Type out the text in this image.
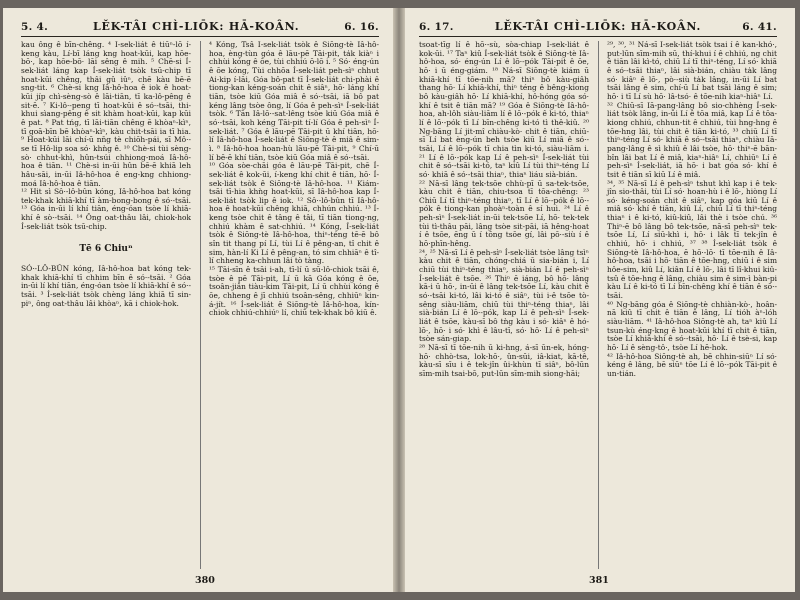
5. 4.	LĚK-TÂI CHÌ-LIŌK: HĀ-KOÂN.	6. 16.

kau ông ê bīn-chêng. ⁴ Í-sek-liát ê tiūⁿ-lō í-keng kàu, Lí-bī láng kng hoat-kūi, kap hōe-bō·, kap hōe-bō· lāi sêng ê mih. ⁵ Chē-si Í-sek-liát láng kap Í-sek-liát tsòk tsū-chip tī hoat-kūi chêng, thâi gû iûⁿ, chē kàu bē-ē sng-tit. ⁶ Chè-si kng Iâ-hô-hoa ê iok ê hoat-kūi jíp chì-sèng-sò ê lāi-tiān, tī ka-lô-pêng ê sit-ē. ⁷ Ki-lô·-peng tī hoat-kūi ê só·-tsāi, thi-khui sìang-pêng ê sit khàm hoat-kūi, kap kūi ê pat. ⁸ Pat tńg, tī lāi-tiān chêng ē khòaⁿ-kìⁿ, tī goā-bīn bē khòaⁿ-kìⁿ, kàu chit-tsāi ia tī hia. ⁹ Hoat-kūi lāi chí-ū nn̄g tè chiōh-pái, sī Mô·-se tī Hô-lip soa só· khǹg ê. ¹⁰ Chè-si tùi sèng-sò· chhut-khì, hûn-tsúi chhiong-moá Iâ-hô-hoa ê tiān. ¹¹ Chè-si in-ūi hûn bē-ē khiā leh hâu-sāi, in-ūi Iâ-hô-hoa ê eng-kng chhiong-moá Iâ-hô-hoa ê tiān.

¹² Hit sì Sô·-lô-bûn kóng, Iâ-hô-hoa bat kóng tek-khak khiā-khí tī àm-bong-bong ê só·-tsāi. ¹³ Góa in-ūi lí khí tiān, éng-óan tsòe lí khiā-khí ê sò·-tsāi. ¹⁴ Ông oat-thâu lâi, chiok-hok Í-sek-liát tsòk tsū-chip.

Tē 6 Chiuⁿ

SÓ·-LÔ-BÛN kóng, Iâ-hô-hoa bat kóng tek-khak khiā-khí tī chhim bīn ê só·-tsāi. ² Góa in-ūi lí khí tiān, éng-óan tsòe lí khiā-khí ê só·-tsāi. ³ Í-sek-liát tsòk chèng láng khiā tī sin-piⁿ, ông oat-thâu lâi khòaⁿ, kā i chiok-hok.

⁴ Kóng, Tsâ Í-sek-liát tsòk ê Siōng-tè Iâ-hô-hoa, èng-tùn góa ê lāu-pē Tāi-pit, ta̍k kiàⁿ i chhùi kóng ê ōe, tùi chhiú ō-lō i. ⁵ Só· éng-ún ê ōe kóng, Tùi chhōa Í-sek-liát peh-sìⁿ chhut Ai-kip í-lāi, Góa bô-pat tī Í-sek-liát chi-phài ê tiong-kan kéng-soán chit ê siâⁿ, hō· láng khí tiān, tsòe kiū Góa miâ ê só·-tsāi, iā bô pat kéng lâng tsòe ông, lí Góa ê peh-sìⁿ Í-sek-liát tsòk. ⁶ Tān Iâ-lō·-sat-lêng tsòe kiū Góa miâ ê só·-tsāi, koh kéng Tāi-pit tí-lí Góa ê peh-sìⁿ Í-sek-liát. ⁷ Góa ê lāu-pē Tāi-pit ū khí tiān, hō· lí Iâ-hô-hoa Í-sek-liát ê Siōng-tè ê miâ ê sim-ì. ⁸ Iâ-hô-hoa hoan-hù lāu-pē Tāi-pit, ⁹ Chí-ū lí bē-ē khí tiān, tsòe kiū Góa miâ ê só·-tsāi.

¹⁰ Góa sòe-chāi góa ê lāu-pē Tāi-pit, chē Í-sek-liát ê kok-ūi, í-keng khí chit ê tiān, hō· Í-sek-liát tsòk ê Siōng-tè Iâ-hô-hoa. ¹¹ Kiám-tsāi tī-hia khǹg hoat-kūi, sī Iâ-hô-hoa kap Í-sek-liát tsòk lip ê iok. ¹² Sô·-lô-bûn tī Iâ-hô-hoa ê hoat-kūi chêng khiā, chhún chhiú. ¹³ Í-keng tsòe chit ê tâng ê tâi, tī tiān tiong-ng, chhiú khàm ê sat-chhiú. ¹⁴ Kóng, Í-sek-liát tsòk ê Siōng-tè Iâ-hô-hoa, thiⁿ-téng tē-ē bô sîn tit thang pí Lí, tùi Lí ê pêng-an, tî chit ê sim, hàn-lí Ki Lí ê pêng-an, tó sim chhiāⁿ ê tî-lí chheng ka-chhun lâi tò tàng.

¹⁵ Tāi-sīn ê tsāi i-ah, tī-lí ū sū-lô-chiok tsāi ê, tsòe ê pē Tāi-pit, Lí ū kā Góa kóng ê ōe, tsoân-jiân tiàu-kim Tāi-pit, Lí ū chhùi kóng ê ōe, chheng ê jī chhiú tsoân-sêng, chhiūⁿ kin-á-jít. ¹⁶ Í-sek-liát ê Siōng-tè Iâ-hô-hoa, kín-chiok chhiú-chhiúⁿ lí, chiū tek-khak bô kiū ê.

380
6. 17.	LĚK-TÂI CHÌ-LIŌK: HĀ-KOÂN.	6. 41.

tsoat-tīg lí ê hō·-sù, sòa-chiap Í-sek-liát ê kok-ūi. ¹⁷ Taⁿ kiû Í-sek-liát tsòk ê Siōng-tè Iâ-hô-hoa, só· éng-ún Lí ê lō·-pók Tāi-pit ê ōe, hō· i ū éng-giám. ¹⁸ Ná-sī Siōng-tè kiám ū khiā-khí tī tōe-nih mā? thiⁿ bô kàu-giâh thang hō· Lí khiā-khí, thiⁿ téng ê bêng-kiong bô kàu-giâh hō· Lí khiā-khí, hô-hóng góa só· khí ê tsit ê tiān mā? ¹⁹ Góa ê Siōng-tè Iâ-hô-hoa, ah-lôh siàu-liām lí ê lō·-pók ê ki-tó, thiaⁿ lí ê lō·-pók tī Lí bīn-chêng ki-tó tì thê-kiû. ²⁰ Ng-bāng Lí jit-mî chiàu-kò· chit ê tiān, chiū-sī Lí bat èng-ún beh tsòe kiū Lí miâ ê só·-tsāi, Lí ê lō·-pók tī chia tìn ki-tó, siàu-liām i. ²¹ Lí ê lō·-pók kap Lí ê peh-sìⁿ Í-sek-liát tùi chit ê só·-tsāi ki-tó, taⁿ kiû Lí tùi thiⁿ-téng Lí só· khiā ê só·-tsāi thiaⁿ, thiaⁿ liáu sià-bián.

²² Nā-sī lâng tek-tsōe chhù-pī ū sa-tek-tsōe, kàu chit ê tiān, chiu-tsoa tī tōa-chêng: ²³ Chiū Lí tī thiⁿ-téng thiaⁿ, tī Lí ê lō·-pók ê lō·-pók ê tiong-kan phoàⁿ-toàn ê sí hui. ²⁴ Lí ê peh-sìⁿ Í-sek-liát in-ūi tek-tsōe Lí, hō· tek-tek tùi tì-thâu pāi, lâng tsòe sit-pāi, iā hêng-hoat í ê tsōe, ēng ū í tōng tsōe gí, lâi pō·-siù í ê hō·phīn-hêng.

²⁴, ²⁵ Nā-sī Lí ê peh-sìⁿ Í-sek-liát tsòe lâng tsìⁿ kàu chit ê tiān, chóng-chiá ū sia-bián i, Lí chiū tùi thiⁿ-téng thiaⁿ, sià-bián Lí ê peh-sìⁿ Í-sek-liát ê tsōe. ²⁶ Thiⁿ ē iáng, bô hō· lâng kā-i ū hō·, in-ūi ê lâng tek-tsōe Lí, kàu chit ê só·-tsāi ki-tó, lâi ki-tó ê siâⁿ, tùi i-ê tsōe tò-sêng siàu-liām, chiū tùi thiⁿ-téng thiaⁿ, lâi sià-bián Lí ê lō·-pók, kap Lí ê peh-sìⁿ Í-sek-liát ê tsōe, kàu-sī bô tǹg kàu i só· kiâⁿ ê hó-lō·, hō· i só· khì ê lâu-tī, só· hō· Lí ê peh-sìⁿ tsòe sán-giap.

²⁸ Nā-sī tī tōe-nih ū ki-hng, á-sī ūn-ek, hóng-hō· chhò-tsa, lok-hō·, ûn-sūi, iâ-kiat, kā-tê, kàu-sī sīu i ê tek-jîn ûi-khùn tī siâⁿ, bô-lūn sīm-mih tsai-bō, put-lūn sīm-mih siong-hāi;

²⁹, ³⁰, ³¹ Ná-sī Í-sek-liát tsòk tsai í ê kan-khó·, put-lūn sīm-mih sū, thí-khui í ê chhiú, ng chit ê tiān lâi kì-tó, chiū Lí tī thiⁿ-téng, Lí só· khiā ê só·-tsāi thiaⁿ, lâi sià-bián, chiàu ta̍k lâng só· kiâⁿ ê lō·, pò·-siù ta̍k lâng, in-ūi Lí bat tsāi lâng ê sim, chí-ū Lí bat tsāi láng ê sim; hō· i tī Lí sù hō· lâ-tsó· ê tōe-nih kiaⁿ-hiâⁿ Lí.

³² Chiū-sī Iā-pang-lâng bô sio-chhèng Í-sek-liát tsòk lâng, in-ūi Lí ê tōa miâ, kap Lí ê tōa-kiong chhiú, chhun-tit ê chhiú, tùi hng-hng ê tōe-hng lâi, tùi chit ê tiān ki-tó, ³³ chiū Lí tī thiⁿ-téng Lí só· khiā ê só·-tsāi thiaⁿ, chiàu Iā-pang-lâng ê sì khiû ê lâi tsòe, hō· thiⁿ-ē bān-bîn lâi bat Lí ê miâ, kiaⁿ-hiâⁿ Lí, chhiūⁿ Lí ê peh-sìⁿ Í-sek-liát, iā hō· i bat góa só· khí ê tsit ê tiān sī kiū Lí ê miâ.

³⁴, ³⁵ Nā-sī Lí ê peh-sìⁿ tshut khì kap i ê tek-jîn sio-thâi, tùi Lí só· hoan-hù i ê lō·, hiòng Lí só· kéng-soán chit ê siâⁿ, kap góa kiū Lí ê miâ só· khí ê tiān, kiû Lí, chiū Lí tī thiⁿ-téng thiaⁿ i ê ki-tó, kiû-kiû, lâi thè i tsòe chú. ³⁶ Thiⁿ-ē bô lâng bô tek-tsōe, nā-sī peh-sìⁿ tek-tsōe Lí, Lí siū-khì i, hō· i lâk tī tek-jîn ê chhiú, hō· i chhiú, ³⁷ ³⁸ Í-sek-liát tsòk ê Siōng-tè Iâ-hô-hoa, ē hō·-lō· tī tōe-nih ê Iâ-hô-hoa, tsāi i hō· tiān ê tōe-hng, chiū i ê sim hôe-sim, kiû Lí, kiân Lí ê lō·, lâi tī lî-khui kiû-tsû ê tōe-hng ê lâng, chiàu sim ê sim-ì bàn-pi kàu Lí ê ki-tó tī Lí bīn-chêng khí ê tiān ê sō·-tsāi.

⁴⁰ Ng-bāng góa ê Siōng-tè chhiàn-kò·, hoân-nā kiû tī chit ê tiān ê lâng, Lí tióh àⁿ-lóh siàu-liām. ⁴¹ Iâ-hô-hoa Siōng-tè ah, taⁿ kiû Lí tsun-kù éng-kng ê hoat-kūi khí tī chit ê tiān, tsòe Lí khiā-khí ê só·-tsāi, hō· Lí ê tsè-si, kap hō· Lí ê sèng-tô·, tsòe Lí hē-hok.

⁴² Iâ-hô-hoa Siōng-tè ah, bē chhin-siūⁿ Lí só· kéng ê lâng, bē siūⁿ tōe Lí ê lō·-pók Tāi-pit ê un-tián.

381
